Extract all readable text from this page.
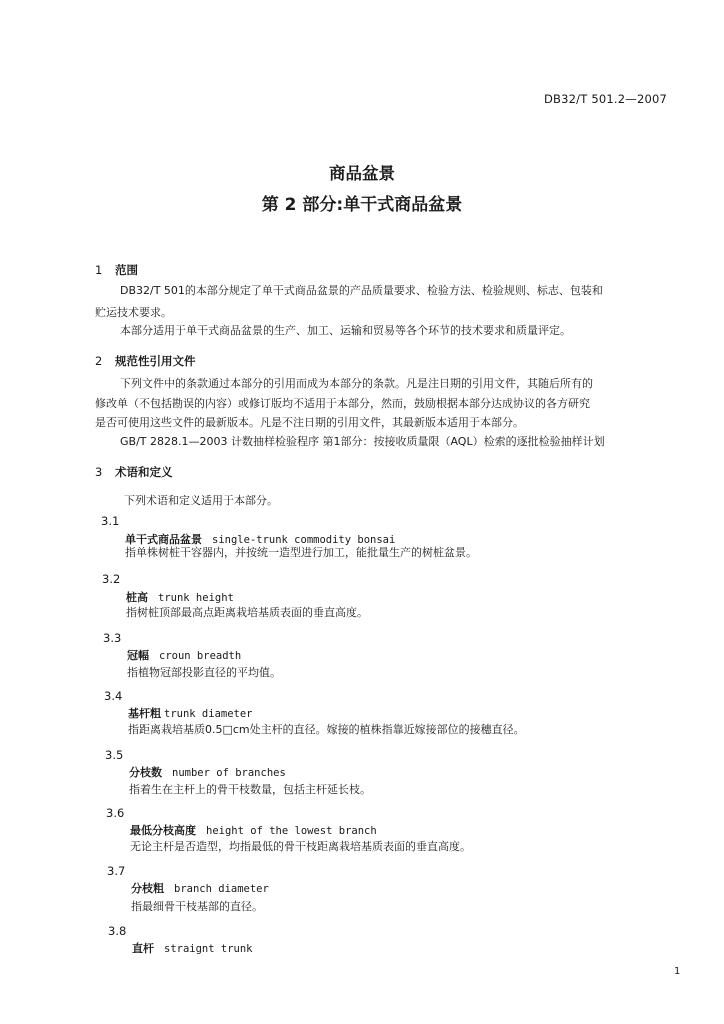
DB32/T 501.2—2007
商品盆景
第 2 部分:单干式商品盆景
1 范围
DB32/T 501的本部分规定了单干式商品盆景的产品质量要求、检验方法、检验规则、标志、包装和
贮运技术要求。
本部分适用于单干式商品盆景的生产、加工、运输和贸易等各个环节的技术要求和质量评定。
2 规范性引用文件
下列文件中的条款通过本部分的引用而成为本部分的条款。凡是注日期的引用文件，其随后所有的
修改单（不包括勘误的内容）或修订版均不适用于本部分，然而，鼓励根据本部分达成协议的各方研究
是否可使用这些文件的最新版本。凡是不注日期的引用文件，其最新版本适用于本部分。
GB/T 2828.1—2003 计数抽样检验程序 第1部分：按接收质量限（AQL）检索的逐批检验抽样计划
3 术语和定义
下列术语和定义适用于本部分。
3.1
单干式商品盆景 single-trunk commodity bonsai
指单株树桩干容器内，并按统一造型进行加工，能批量生产的树桩盆景。
3.2
桩高 trunk height
指树桩顶部最高点距离栽培基质表面的垂直高度。
3.3
冠幅 croun breadth
指植物冠部投影直径的平均值。
3.4
基杆粗 trunk diameter
指距离栽培基质0.5□cm处主杆的直径。嫁接的植株指靠近嫁接部位的接穗直径。
3.5
分枝数 number of branches
指着生在主杆上的骨干枝数量，包括主杆延长枝。
3.6
最低分枝高度 height of the lowest branch
无论主杆是否造型，均指最低的骨干枝距离栽培基质表面的垂直高度。
3.7
分枝粗 branch diameter
指最细骨干枝基部的直径。
3.8
直杆 straignt trunk
1
